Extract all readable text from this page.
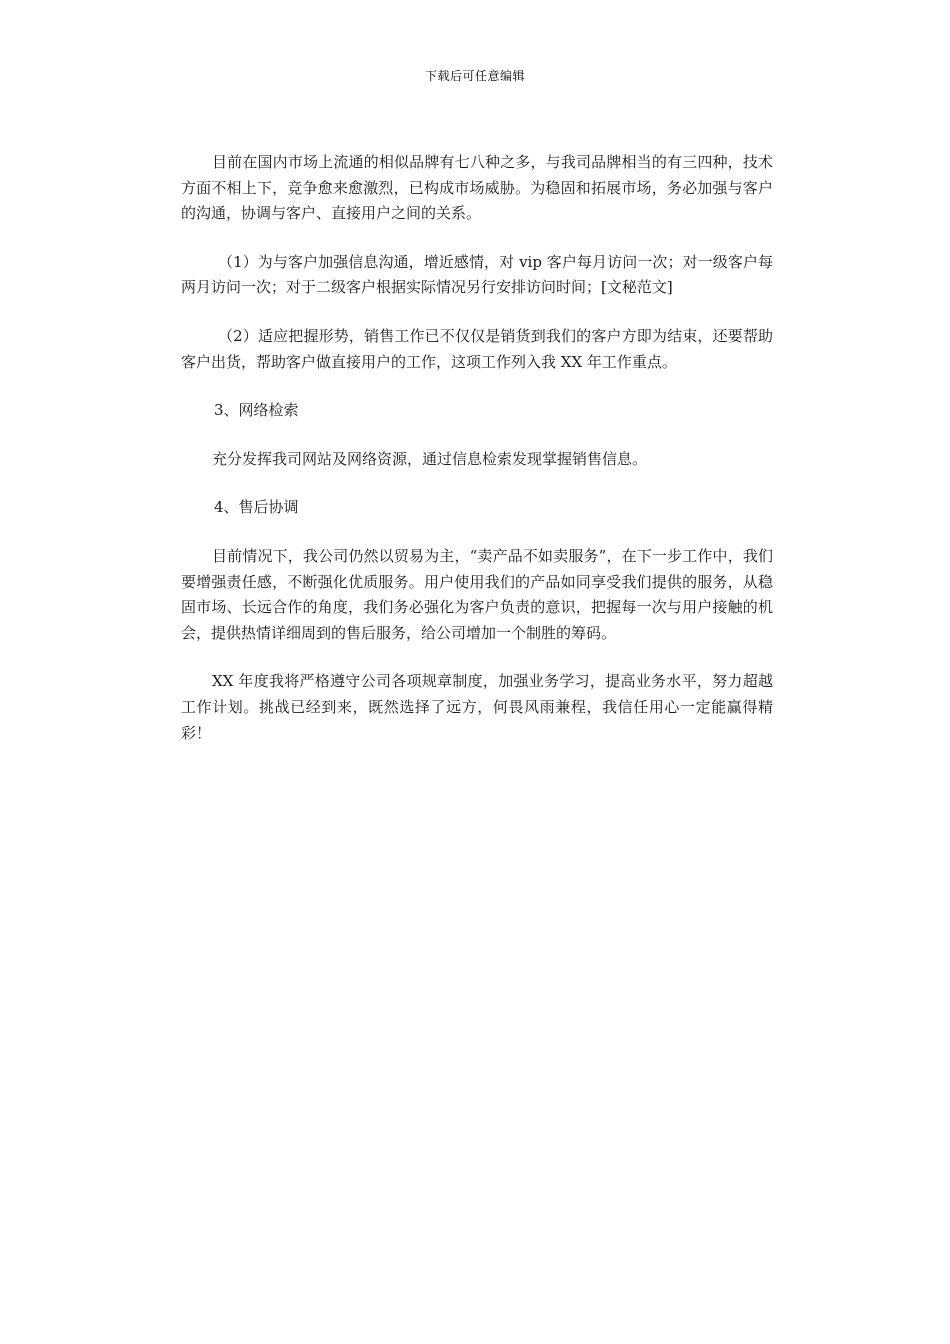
下载后可任意编辑

目前在国内市场上流通的相似品牌有七八种之多，与我司品牌相当的有三四种，技术方面不相上下，竞争愈来愈激烈，已构成市场威胁。为稳固和拓展市场，务必加强与客户的沟通，协调与客户、直接用户之间的关系。

（1）为与客户加强信息沟通，增近感情，对 vip 客户每月访问一次；对一级客户每两月访问一次；对于二级客户根据实际情况另行安排访问时间；[文秘范文]

（2）适应把握形势，销售工作已不仅仅是销货到我们的客户方即为结束，还要帮助客户出货，帮助客户做直接用户的工作，这项工作列入我 XX 年工作重点。

3、网络检索

充分发挥我司网站及网络资源，通过信息检索发现掌握销售信息。

4、售后协调

目前情况下，我公司仍然以贸易为主，“卖产品不如卖服务”，在下一步工作中，我们要增强责任感，不断强化优质服务。用户使用我们的产品如同享受我们提供的服务，从稳固市场、长远合作的角度，我们务必强化为客户负责的意识，把握每一次与用户接触的机会，提供热情详细周到的售后服务，给公司增加一个制胜的筹码。

XX 年度我将严格遵守公司各项规章制度，加强业务学习，提高业务水平，努力超越工作计划。挑战已经到来，既然选择了远方，何畏风雨兼程，我信任用心一定能赢得精彩！
